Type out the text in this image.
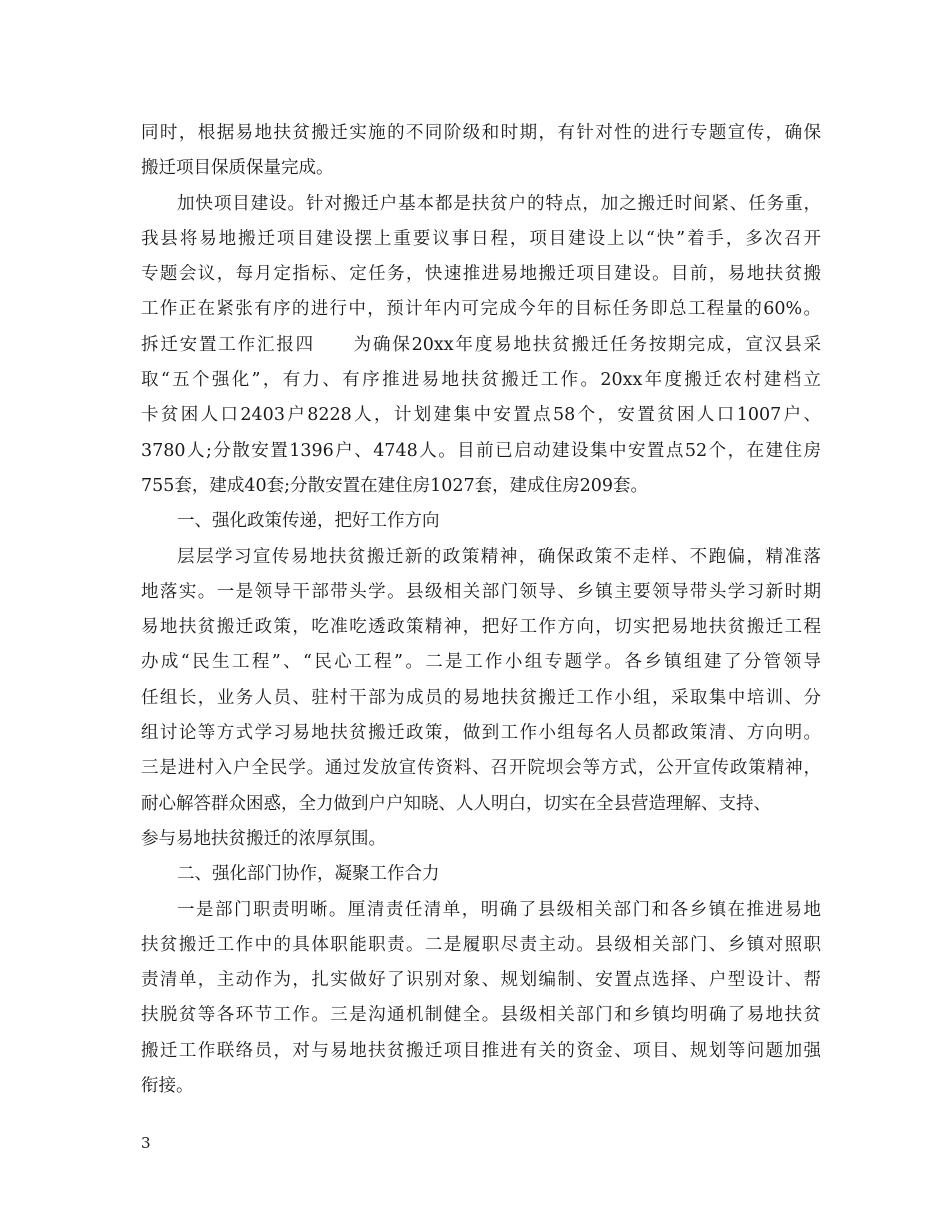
同时，根据易地扶贫搬迁实施的不同阶级和时期，有针对性的进行专题宣传，确保
搬迁项目保质保量完成。
加快项目建设。针对搬迁户基本都是扶贫户的特点，加之搬迁时间紧、任务重，
我县将易地搬迁项目建设摆上重要议事日程，项目建设上以“快”着手，多次召开
专题会议，每月定指标、定任务，快速推进易地搬迁项目建设。目前，易地扶贫搬
工作正在紧张有序的进行中，预计年内可完成今年的目标任务即总工程量的60%。
拆迁安置工作汇报四　　为确保20xx年度易地扶贫搬迁任务按期完成，宣汉县采
取“五个强化”，有力、有序推进易地扶贫搬迁工作。20xx年度搬迁农村建档立
卡贫困人口2403户8228人，计划建集中安置点58个，安置贫困人口1007户、
3780人;分散安置1396户、4748人。目前已启动建设集中安置点52个，在建住房
755套，建成40套;分散安置在建住房1027套，建成住房209套。
一、强化政策传递，把好工作方向
层层学习宣传易地扶贫搬迁新的政策精神，确保政策不走样、不跑偏，精准落
地落实。一是领导干部带头学。县级相关部门领导、乡镇主要领导带头学习新时期
易地扶贫搬迁政策，吃准吃透政策精神，把好工作方向，切实把易地扶贫搬迁工程
办成“民生工程”、“民心工程”。二是工作小组专题学。各乡镇组建了分管领导
任组长，业务人员、驻村干部为成员的易地扶贫搬迁工作小组，采取集中培训、分
组讨论等方式学习易地扶贫搬迁政策，做到工作小组每名人员都政策清、方向明。
三是进村入户全民学。通过发放宣传资料、召开院坝会等方式，公开宣传政策精神，
耐心解答群众困惑，全力做到户户知晓、人人明白，切实在全县营造理解、支持、
参与易地扶贫搬迁的浓厚氛围。
二、强化部门协作，凝聚工作合力
一是部门职责明晰。厘清责任清单，明确了县级相关部门和各乡镇在推进易地
扶贫搬迁工作中的具体职能职责。二是履职尽责主动。县级相关部门、乡镇对照职
责清单，主动作为，扎实做好了识别对象、规划编制、安置点选择、户型设计、帮
扶脱贫等各环节工作。三是沟通机制健全。县级相关部门和乡镇均明确了易地扶贫
搬迁工作联络员，对与易地扶贫搬迁项目推进有关的资金、项目、规划等问题加强
衔接。
3
